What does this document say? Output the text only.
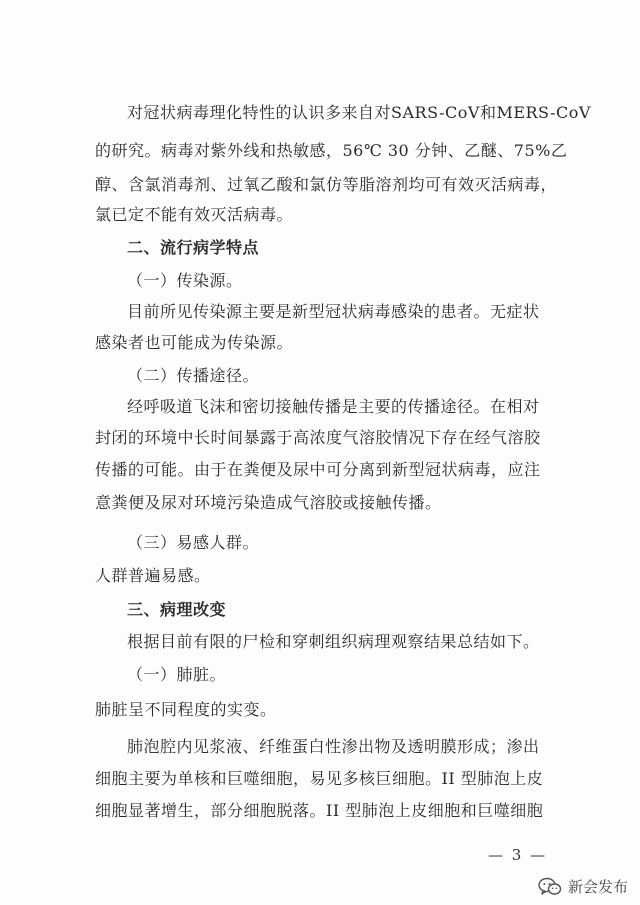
对冠状病毒理化特性的认识多来自对SARS-CoV和MERS-CoV
的研究。病毒对紫外线和热敏感，56℃ 30 分钟、乙醚、75%乙
醇、含氯消毒剂、过氧乙酸和氯仿等脂溶剂均可有效灭活病毒，
氯已定不能有效灭活病毒。
二、流行病学特点
（一）传染源。
目前所见传染源主要是新型冠状病毒感染的患者。无症状
感染者也可能成为传染源。
（二）传播途径。
经呼吸道飞沫和密切接触传播是主要的传播途径。在相对
封闭的环境中长时间暴露于高浓度气溶胶情况下存在经气溶胶
传播的可能。由于在粪便及尿中可分离到新型冠状病毒，应注
意粪便及尿对环境污染造成气溶胶或接触传播。
（三）易感人群。
人群普遍易感。
三、病理改变
根据目前有限的尸检和穿刺组织病理观察结果总结如下。
（一）肺脏。
肺脏呈不同程度的实变。
肺泡腔内见浆液、纤维蛋白性渗出物及透明膜形成；渗出
细胞主要为单核和巨噬细胞，易见多核巨细胞。II 型肺泡上皮
细胞显著增生，部分细胞脱落。II 型肺泡上皮细胞和巨噬细胞
— 3 —
新会发布
